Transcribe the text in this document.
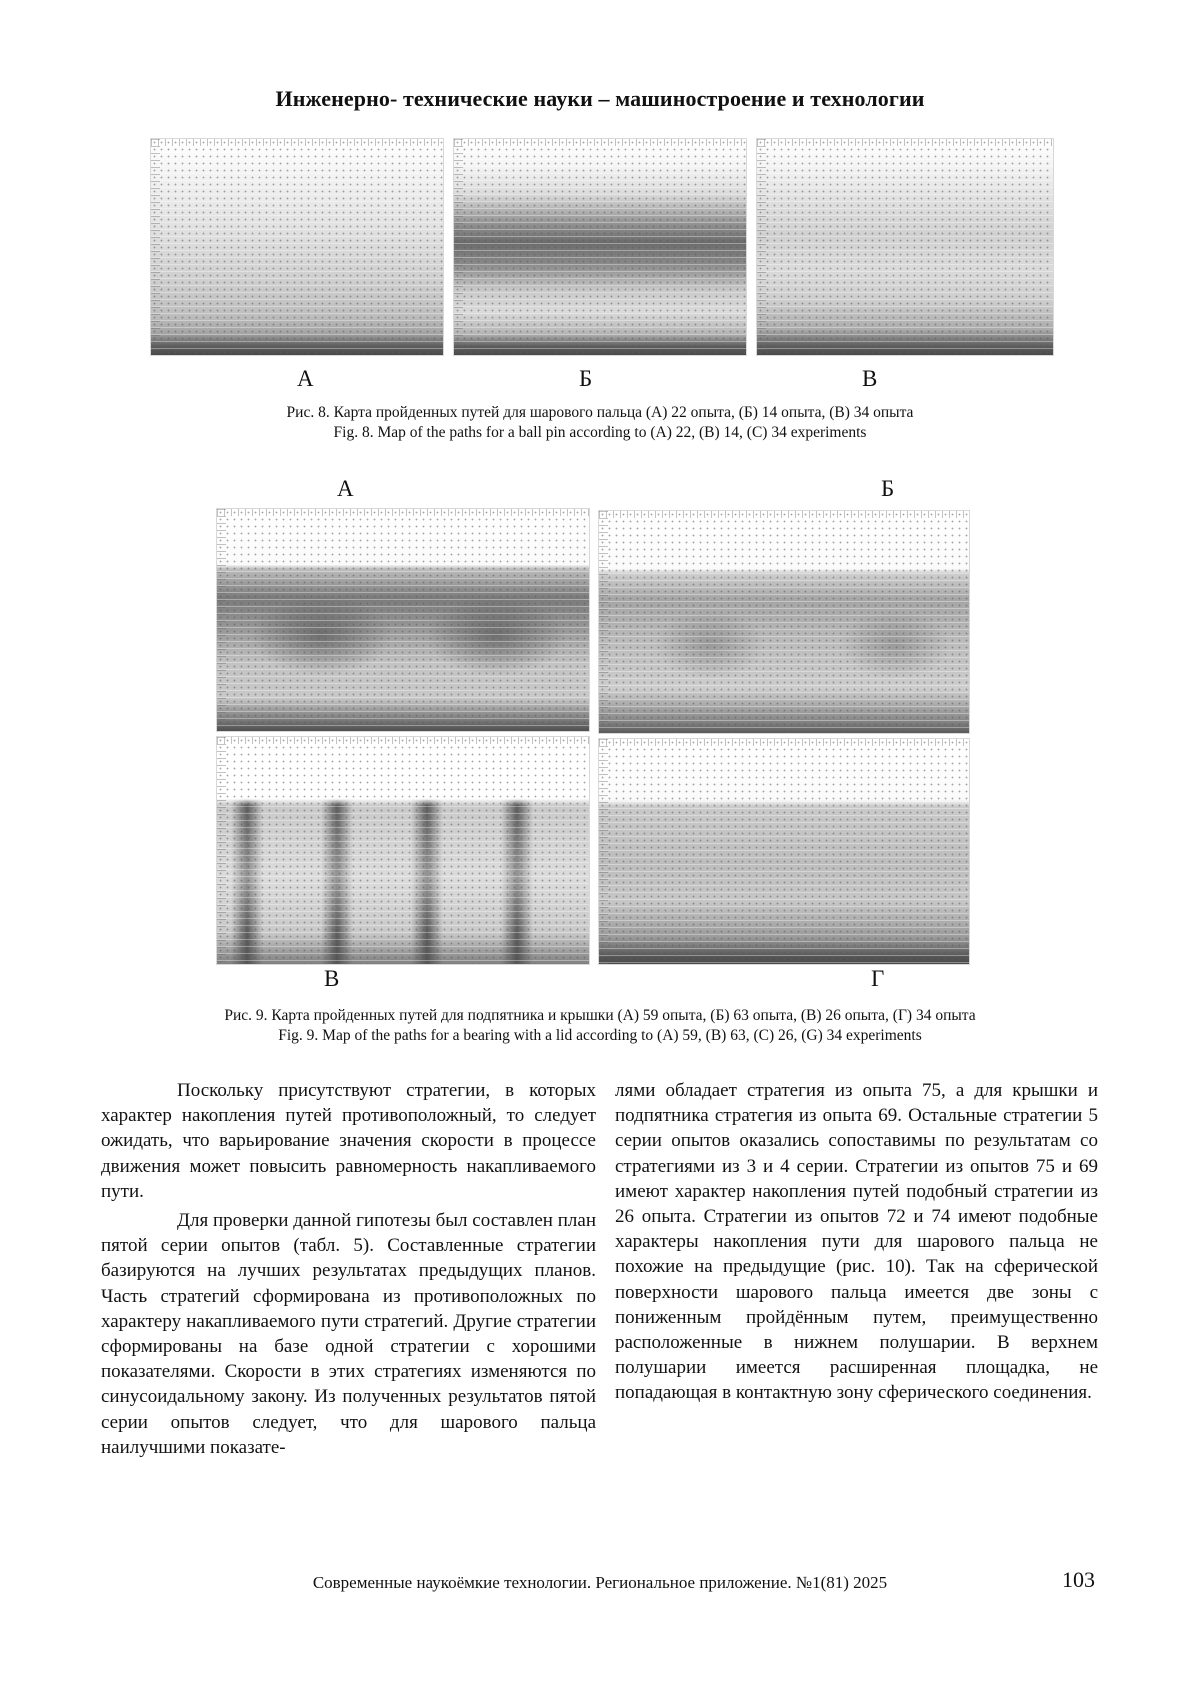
Инженерно- технические науки – машиностроение и технологии
А	Б	В
Рис. 8. Карта пройденных путей для шарового пальца (А) 22 опыта, (Б) 14 опыта, (В) 34 опыта
Fig. 8. Map of the paths for a ball pin according to (A) 22, (B) 14, (C) 34 experiments
А	Б
В	Г
Рис. 9. Карта пройденных путей для подпятника и крышки (А) 59 опыта, (Б) 63 опыта, (В) 26 опыта, (Г) 34 опыта
Fig. 9. Map of the paths for a bearing with a lid according to (A) 59, (B) 63, (C) 26, (G) 34 experiments

Поскольку присутствуют стратегии, в которых характер накопления путей противоположный, то следует ожидать, что варьирование значения скорости в процессе движения может повысить равномерность накапливаемого пути.

Для проверки данной гипотезы был составлен план пятой серии опытов (табл. 5). Составленные стратегии базируются на лучших результатах предыдущих планов. Часть стратегий сформирована из противоположных по характеру накапливаемого пути стратегий. Другие стратегии сформированы на базе одной стратегии с хорошими показателями. Скорости в этих стратегиях изменяются по синусоидальному закону. Из полученных результатов пятой серии опытов следует, что для шарового пальца наилучшими показате-

лями обладает стратегия из опыта 75, а для крышки и подпятника стратегия из опыта 69. Остальные стратегии 5 серии опытов оказались сопоставимы по результатам со стратегиями из 3 и 4 серии. Стратегии из опытов 75 и 69 имеют характер накопления путей подобный стратегии из 26 опыта. Стратегии из опытов 72 и 74 имеют подобные характеры накопления пути для шарового пальца не похожие на предыдущие (рис. 10). Так на сферической поверхности шарового пальца имеется две зоны с пониженным пройдённым путем, преимущественно расположенные в нижнем полушарии. В верхнем полушарии имеется расширенная площадка, не попадающая в контактную зону сферического соединения.

Современные наукоёмкие технологии. Региональное приложение. №1(81) 2025	103
